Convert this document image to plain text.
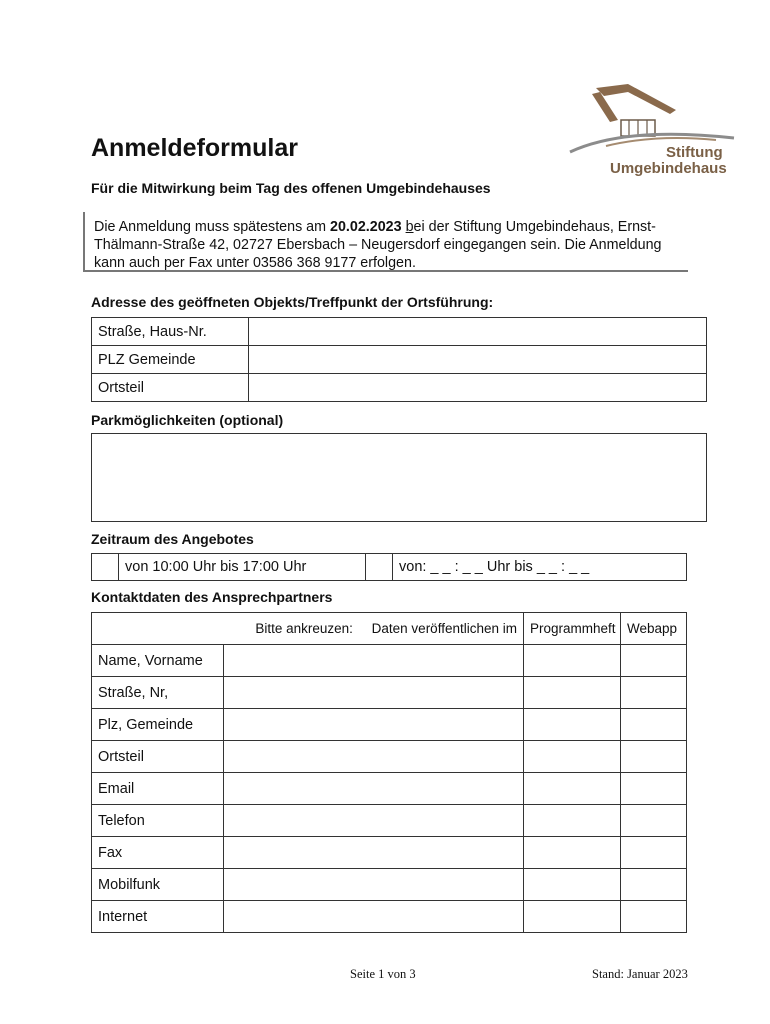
Stiftung
Umgebindehaus
Anmeldeformular
Für die Mitwirkung beim Tag des offenen Umgebindehauses
Die Anmeldung muss spätestens am 20.02.2023 bei der Stiftung Umgebindehaus, Ernst- Thälmann-Straße 42, 02727 Ebersbach – Neugersdorf eingegangen sein. Die Anmeldung kann auch per Fax unter 03586 368 9177 erfolgen.
Adresse des geöffneten Objekts/Treffpunkt der Ortsführung:
Straße, Haus-Nr.	
PLZ Gemeinde	
Ortsteil	
Parkmöglichkeiten (optional)
Zeitraum des Angebotes
	von 10:00 Uhr bis 17:00 Uhr		von: _ _ : _ _ Uhr bis _ _ : _ _
Kontaktdaten des Ansprechpartners
	Bitte ankreuzen: Daten veröffentlichen im	Programmheft	Webapp
Name, Vorname			
Straße, Nr,			
Plz, Gemeinde			
Ortsteil			
Email			
Telefon			
Fax			
Mobilfunk			
Internet			
Seite 1 von 3	Stand: Januar 2023
